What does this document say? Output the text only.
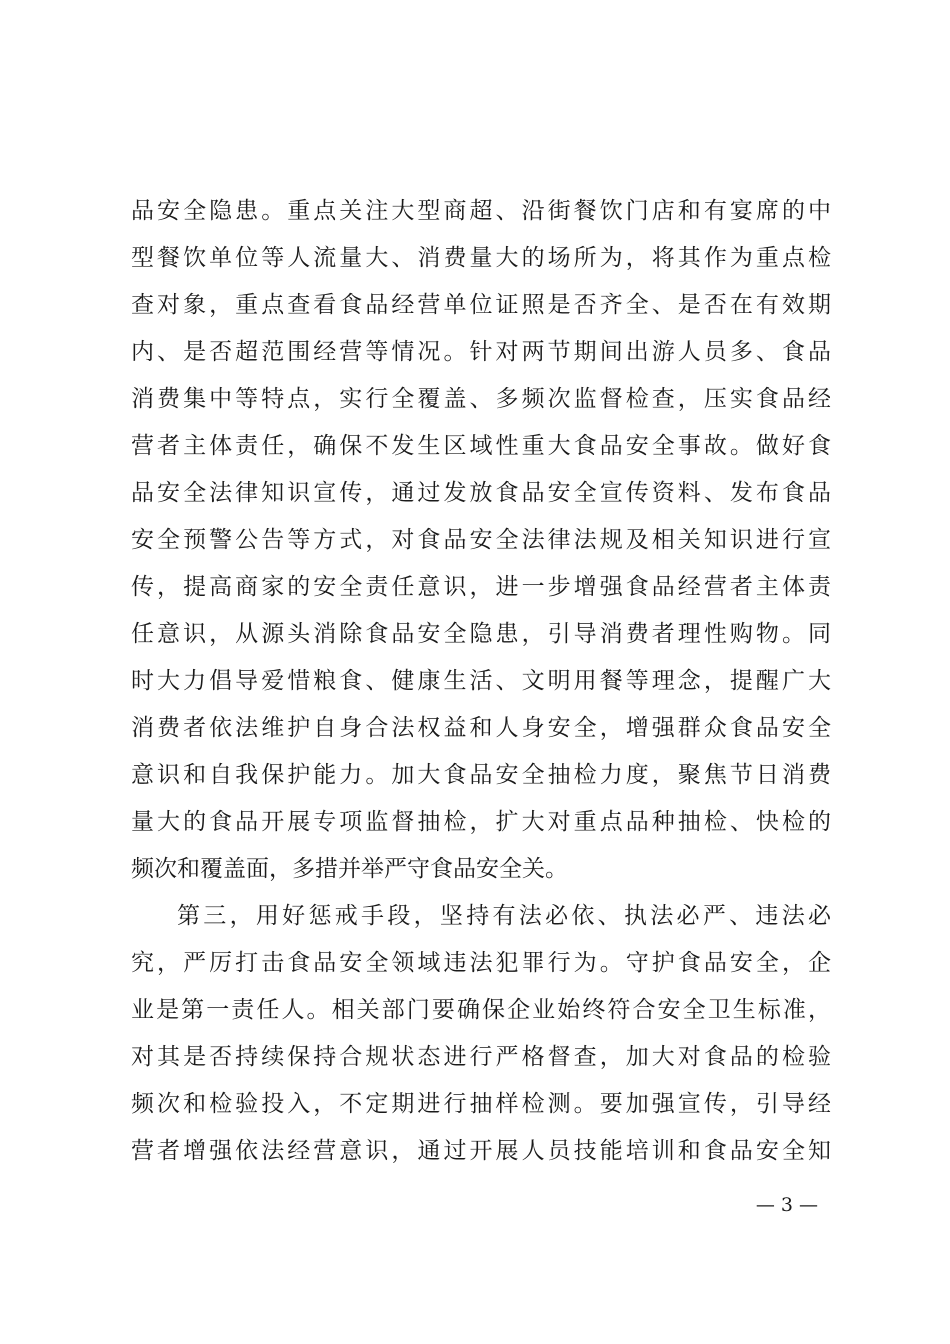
品安全隐患。重点关注大型商超、沿街餐饮门店和有宴席的中
型餐饮单位等人流量大、消费量大的场所为，将其作为重点检
查对象，重点查看食品经营单位证照是否齐全、是否在有效期
内、是否超范围经营等情况。针对两节期间出游人员多、食品
消费集中等特点，实行全覆盖、多频次监督检查，压实食品经
营者主体责任，确保不发生区域性重大食品安全事故。做好食
品安全法律知识宣传，通过发放食品安全宣传资料、发布食品
安全预警公告等方式，对食品安全法律法规及相关知识进行宣
传，提高商家的安全责任意识，进一步增强食品经营者主体责
任意识，从源头消除食品安全隐患，引导消费者理性购物。同
时大力倡导爱惜粮食、健康生活、文明用餐等理念，提醒广大
消费者依法维护自身合法权益和人身安全，增强群众食品安全
意识和自我保护能力。加大食品安全抽检力度，聚焦节日消费
量大的食品开展专项监督抽检，扩大对重点品种抽检、快检的
频次和覆盖面，多措并举严守食品安全关。
第三，用好惩戒手段，坚持有法必依、执法必严、违法必
究，严厉打击食品安全领域违法犯罪行为。守护食品安全，企
业是第一责任人。相关部门要确保企业始终符合安全卫生标准，
对其是否持续保持合规状态进行严格督查，加大对食品的检验
频次和检验投入，不定期进行抽样检测。要加强宣传，引导经
营者增强依法经营意识，通过开展人员技能培训和食品安全知
— 3 —
